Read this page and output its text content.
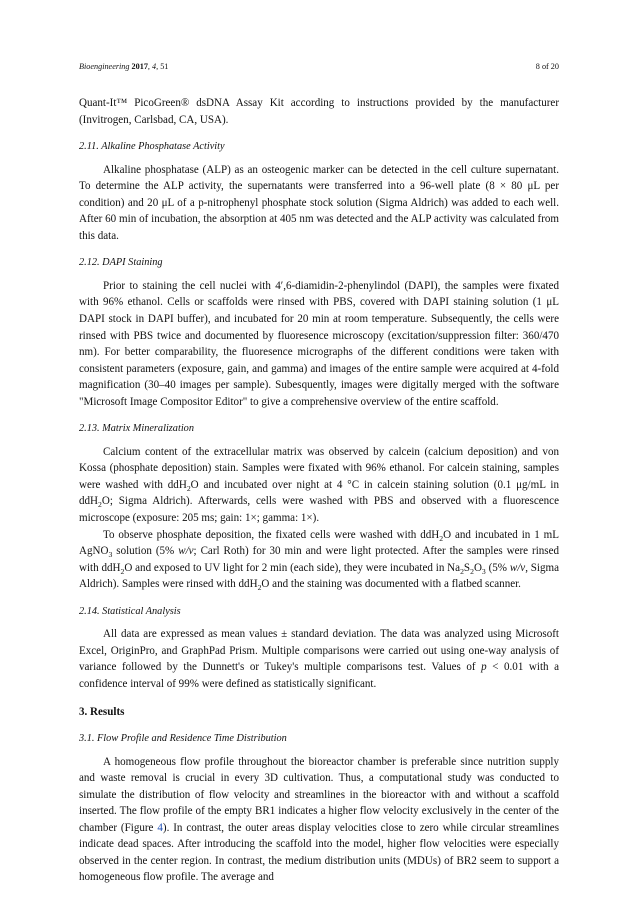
Bioengineering 2017, 4, 51	8 of 20

Quant-It™ PicoGreen® dsDNA Assay Kit according to instructions provided by the manufacturer (Invitrogen, Carlsbad, CA, USA).

2.11. Alkaline Phosphatase Activity

Alkaline phosphatase (ALP) as an osteogenic marker can be detected in the cell culture supernatant. To determine the ALP activity, the supernatants were transferred into a 96-well plate (8 × 80 μL per condition) and 20 μL of a p-nitrophenyl phosphate stock solution (Sigma Aldrich) was added to each well. After 60 min of incubation, the absorption at 405 nm was detected and the ALP activity was calculated from this data.

2.12. DAPI Staining

Prior to staining the cell nuclei with 4′,6-diamidin-2-phenylindol (DAPI), the samples were fixated with 96% ethanol. Cells or scaffolds were rinsed with PBS, covered with DAPI staining solution (1 μL DAPI stock in DAPI buffer), and incubated for 20 min at room temperature. Subsequently, the cells were rinsed with PBS twice and documented by fluoresence microscopy (excitation/suppression filter: 360/470 nm). For better comparability, the fluoresence micrographs of the different conditions were taken with consistent parameters (exposure, gain, and gamma) and images of the entire sample were acquired at 4-fold magnification (30–40 images per sample). Subesquently, images were digitally merged with the software "Microsoft Image Compositor Editor" to give a comprehensive overview of the entire scaffold.

2.13. Matrix Mineralization

Calcium content of the extracellular matrix was observed by calcein (calcium deposition) and von Kossa (phosphate deposition) stain. Samples were fixated with 96% ethanol. For calcein staining, samples were washed with ddH$_2$O and incubated over night at 4 °C in calcein staining solution (0.1 μg/mL in ddH$_2$O; Sigma Aldrich). Afterwards, cells were washed with PBS and observed with a fluorescence microscope (exposure: 205 ms; gain: 1×; gamma: 1×).

To observe phosphate deposition, the fixated cells were washed with ddH$_2$O and incubated in 1 mL AgNO$_3$ solution (5% w/v; Carl Roth) for 30 min and were light protected. After the samples were rinsed with ddH$_2$O and exposed to UV light for 2 min (each side), they were incubated in $Na_2S_2O_3$ (5% w/v, Sigma Aldrich). Samples were rinsed with ddH$_2$O and the staining was documented with a flatbed scanner.

2.14. Statistical Analysis

All data are expressed as mean values ± standard deviation. The data was analyzed using Microsoft Excel, OriginPro, and GraphPad Prism. Multiple comparisons were carried out using one-way analysis of variance followed by the Dunnett's or Tukey's multiple comparisons test. Values of p < 0.01 with a confidence interval of 99% were defined as statistically significant.

3. Results
3.1. Flow Profile and Residence Time Distribution

A homogeneous flow profile throughout the bioreactor chamber is preferable since nutrition supply and waste removal is crucial in every 3D cultivation. Thus, a computational study was conducted to simulate the distribution of flow velocity and streamlines in the bioreactor with and without a scaffold inserted. The flow profile of the empty BR1 indicates a higher flow velocity exclusively in the center of the chamber (Figure 4). In contrast, the outer areas display velocities close to zero while circular streamlines indicate dead spaces. After introducing the scaffold into the model, higher flow velocities were especially observed in the center region. In contrast, the medium distribution units (MDUs) of BR2 seem to support a homogeneous flow profile. The average and
